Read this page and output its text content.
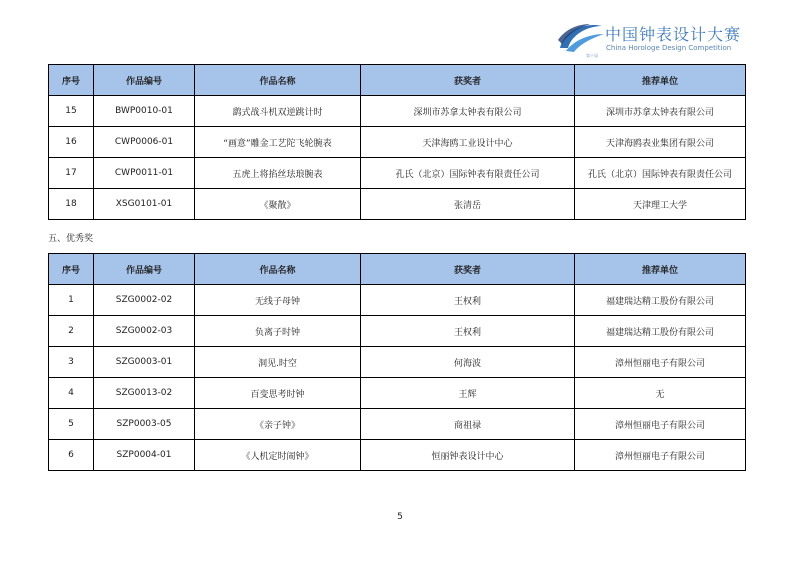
中国钟表设计大赛
China Horologe Design Competition
第十届
序号	作品编号	作品名称	获奖者	推荐单位
15	BWP0010-01	鹞式战斗机双逆跳计时	深圳市苏拿太钟表有限公司	深圳市苏拿太钟表有限公司
16	CWP0006-01	“画意”雕金工艺陀飞轮腕表	天津海鸥工业设计中心	天津海鸥表业集团有限公司
17	CWP0011-01	五虎上将掐丝珐琅腕表	孔氏（北京）国际钟表有限责任公司	孔氏（北京）国际钟表有限责任公司
18	XSG0101-01	《聚散》	张清岳	天津理工大学
五、优秀奖
序号	作品编号	作品名称	获奖者	推荐单位
1	SZG0002-02	无线子母钟	王权利	福建瑞达精工股份有限公司
2	SZG0002-03	负离子时钟	王权利	福建瑞达精工股份有限公司
3	SZG0003-01	洞见.时空	何海波	漳州恒丽电子有限公司
4	SZG0013-02	百变思考时钟	王辉	无
5	SZP0003-05	《亲子钟》	商祖禄	漳州恒丽电子有限公司
6	SZP0004-01	《人机定时闹钟》	恒丽钟表设计中心	漳州恒丽电子有限公司
5
